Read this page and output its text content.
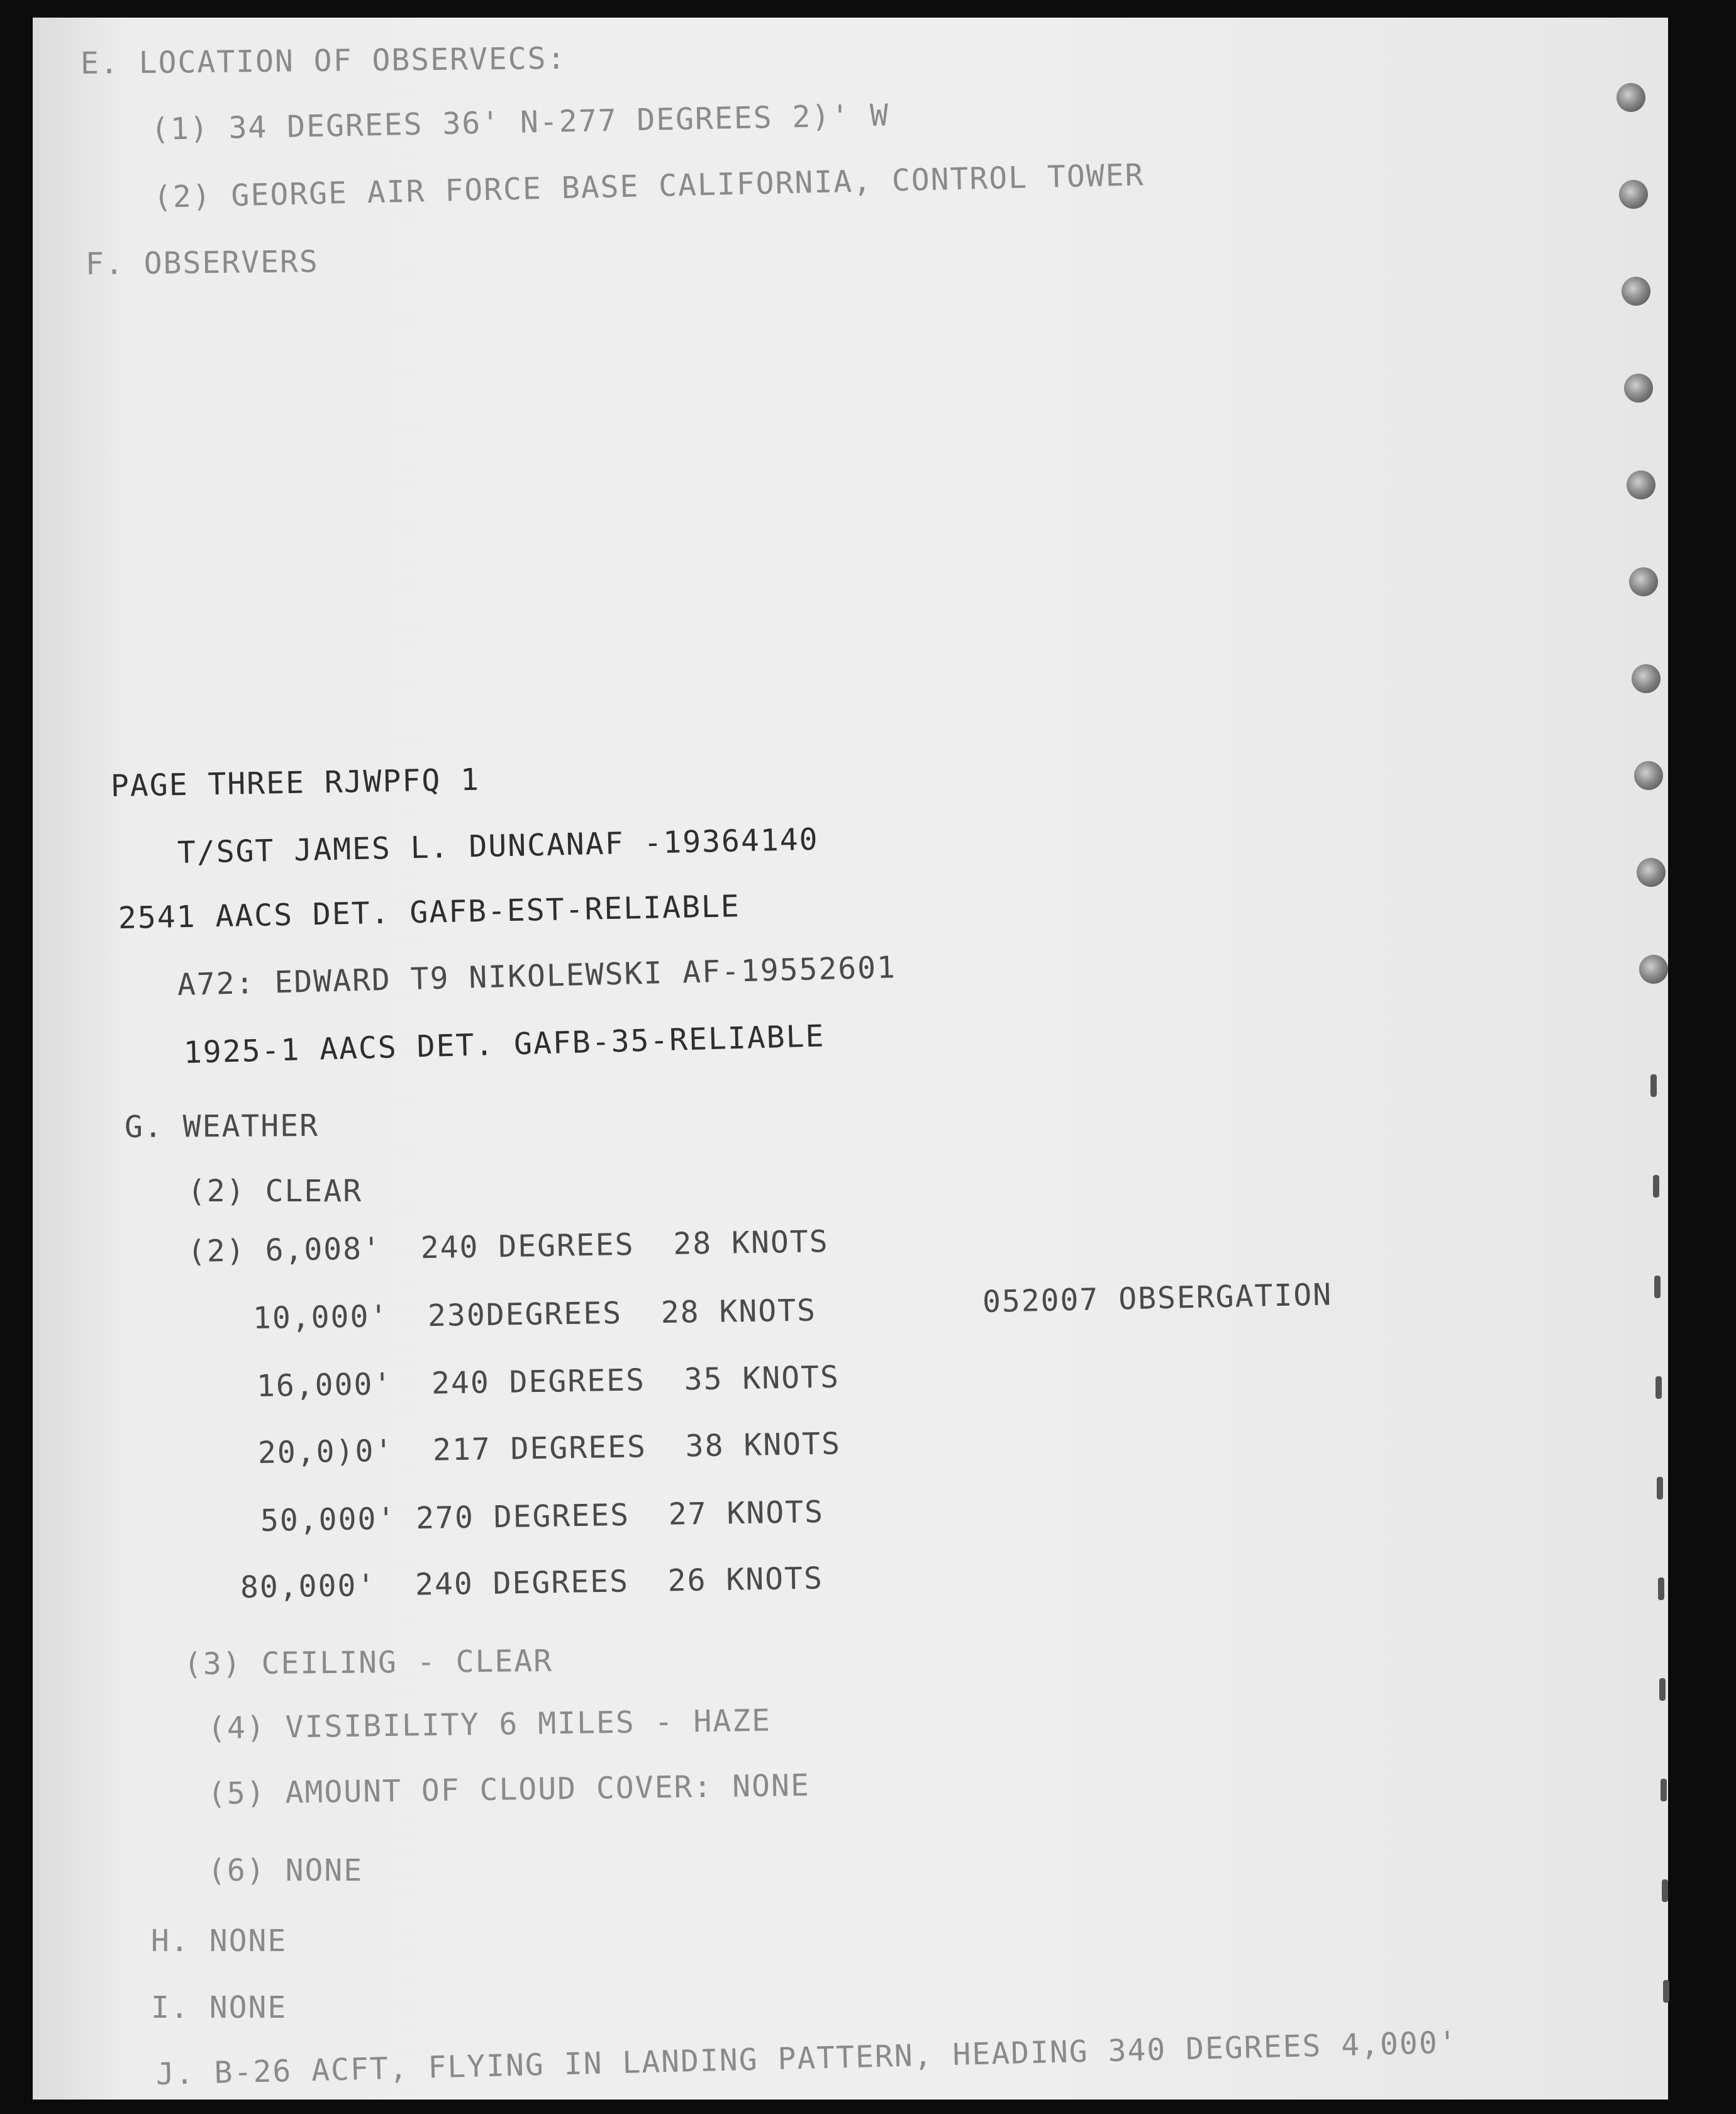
E. LOCATION OF OBSERVECS:
(1) 34 DEGREES 36' N-277 DEGREES 2)' W
(2) GEORGE AIR FORCE BASE CALIFORNIA, CONTROL TOWER
F. OBSERVERS
PAGE THREE RJWPFQ 1
T/SGT JAMES L. DUNCANAF -19364140
2541 AACS DET. GAFB-EST-RELIABLE
A72: EDWARD T9 NIKOLEWSKI AF-19552601
1925-1 AACS DET. GAFB-35-RELIABLE
G. WEATHER
(2) CLEAR
(2) 6,008'  240 DEGREES  28 KNOTS
10,000'  230DEGREES  28 KNOTS	052007 OBSERGATION
16,000'  240 DEGREES  35 KNOTS
20,0)0'  217 DEGREES  38 KNOTS
50,000' 270 DEGREES  27 KNOTS
80,000'  240 DEGREES  26 KNOTS
(3) CEILING - CLEAR
(4) VISIBILITY 6 MILES - HAZE
(5) AMOUNT OF CLOUD COVER: NONE
(6) NONE
H. NONE
I. NONE
J. B-26 ACFT, FLYING IN LANDING PATTERN, HEADING 340 DEGREES 4,000'
